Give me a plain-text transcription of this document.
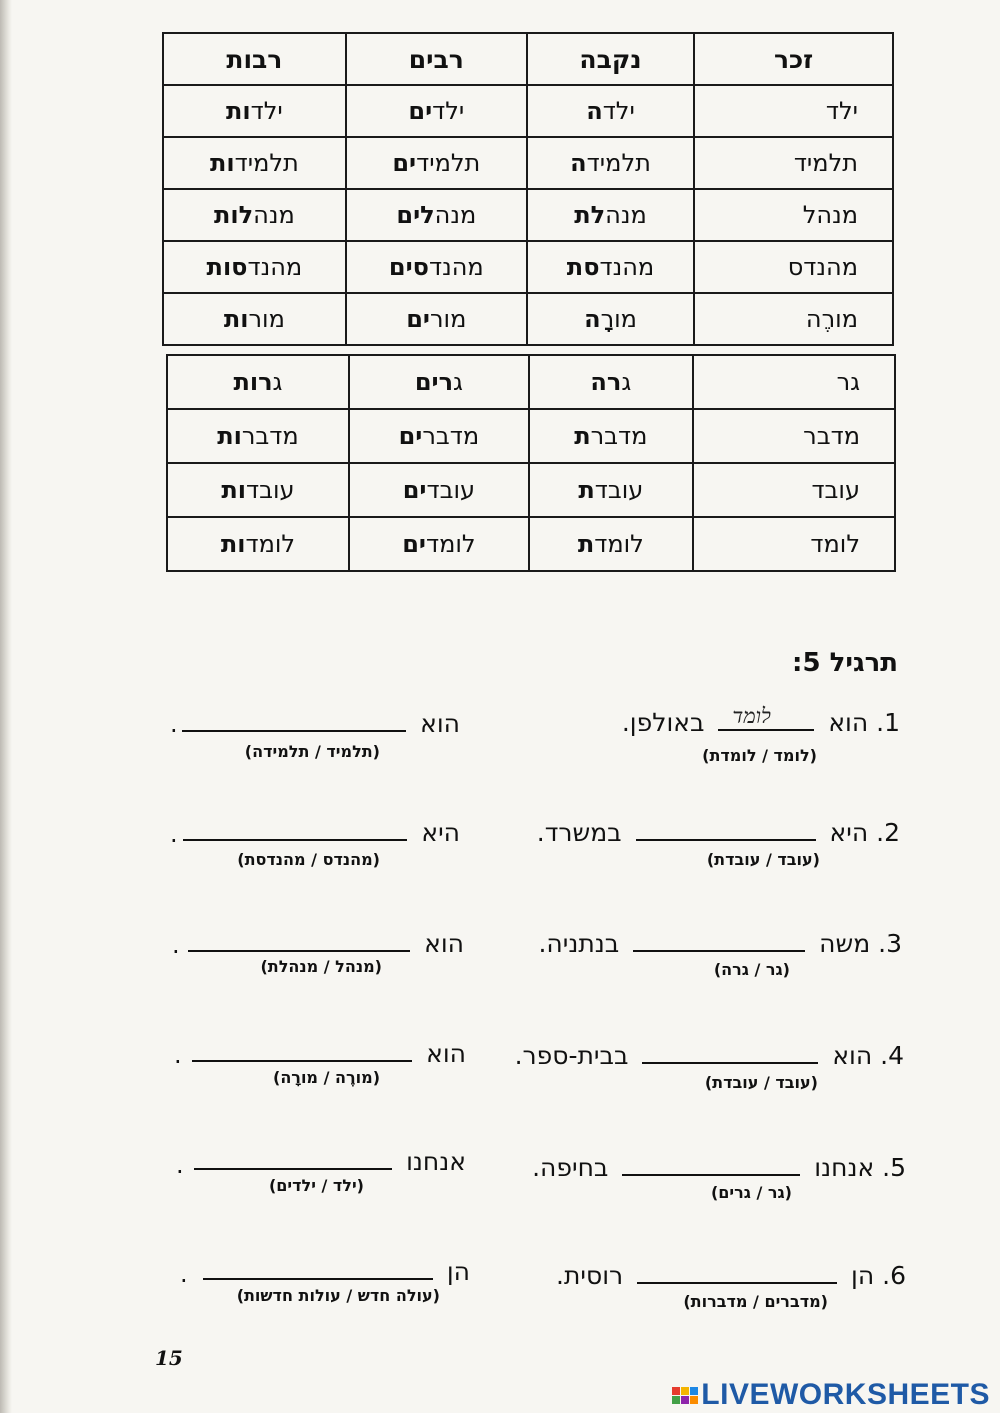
זכר	נקבה	רבים	רבות
ילד	ילדה	ילדים	ילדות
תלמיד	תלמידה	תלמידים	תלמידות
מנהל	מנהלת	מנהלים	מנהלות
מהנדס	מהנדסת	מהנדסים	מהנדסות
מורֶה	מורָה	מורים	מורות
גר	גרה	גרים	גרות
מדבר	מדברת	מדברים	מדברות
עובד	עובדת	עובדים	עובדות
לומד	לומדת	לומדים	לומדות
תרגיל 5:
1. הוא
לומד
באולפן.
(לומד / לומדת)
הוא
.
(תלמיד / תלמידה)
2. היא  במשרד.
(עובד / עובדת)
היא
.
(מהנדס / מהנדסת)
3. משה  בנתניה.
(גר / גרה)
הוא
.
(מנהל / מנהלת)
4. הוא  בבית-ספר.
(עובד / עובדת)
הוא
.
(מורֶה / מורָה)
5. אנחנו  בחיפה.
(גר / גרים)
אנחנו
.
(ילד / ילדים)
6. הן  רוסית.
(מדברים / מדברות)
הן
.
(עולה חדש / עולות חדשות)
15
LIVEWORKSHEETS
